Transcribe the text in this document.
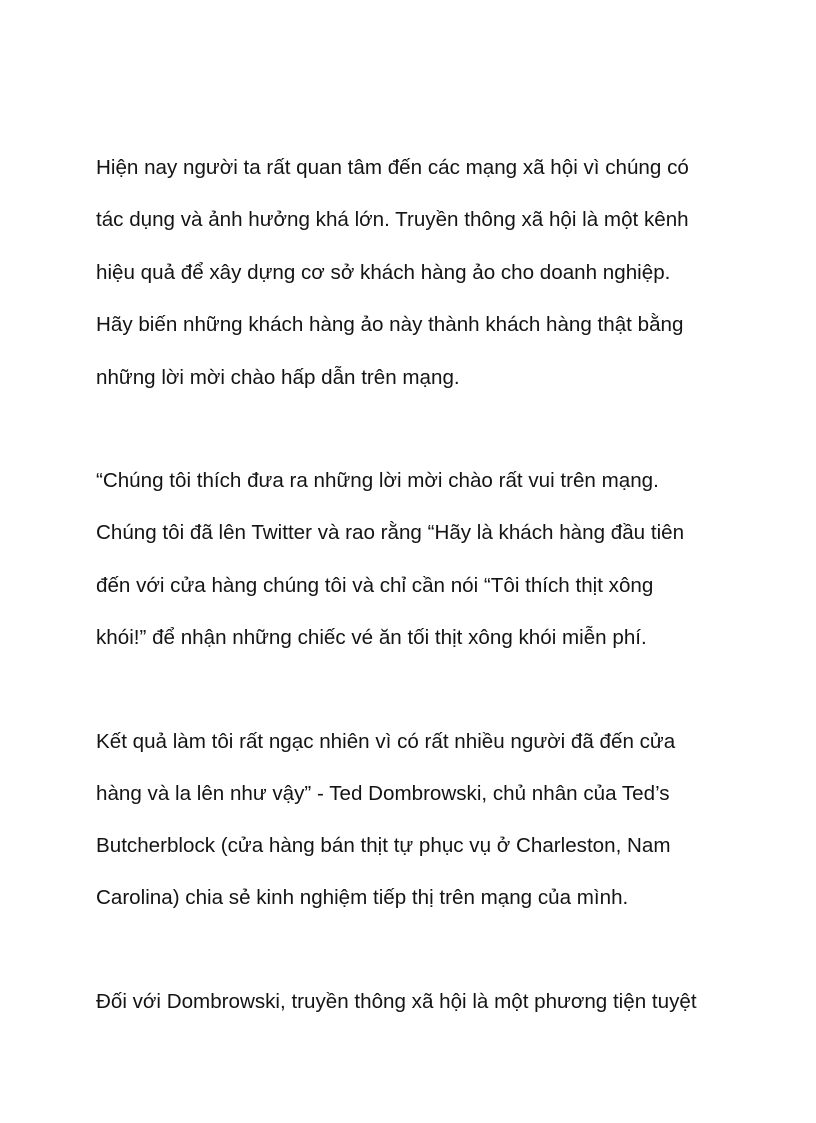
Hiện nay người ta rất quan tâm đến các mạng xã hội vì chúng có

tác dụng và ảnh hưởng khá lớn. Truyền thông xã hội là một kênh

hiệu quả để xây dựng cơ sở khách hàng ảo cho doanh nghiệp.

Hãy biến những khách hàng ảo này thành khách hàng thật bằng

những lời mời chào hấp dẫn trên mạng.

“Chúng tôi thích đưa ra những lời mời chào rất vui trên mạng.

Chúng tôi đã lên Twitter và rao rằng “Hãy là khách hàng đầu tiên

đến với cửa hàng chúng tôi và chỉ cần nói “Tôi thích thịt xông

khói!” để nhận những chiếc vé ăn tối thịt xông khói miễn phí.

Kết quả làm tôi rất ngạc nhiên vì có rất nhiều người đã đến cửa

hàng và la lên như vậy” - Ted Dombrowski, chủ nhân của Ted’s

Butcherblock (cửa hàng bán thịt tự phục vụ ở Charleston, Nam

Carolina) chia sẻ kinh nghiệm tiếp thị trên mạng của mình.

Đối với Dombrowski, truyền thông xã hội là một phương tiện tuyệt
